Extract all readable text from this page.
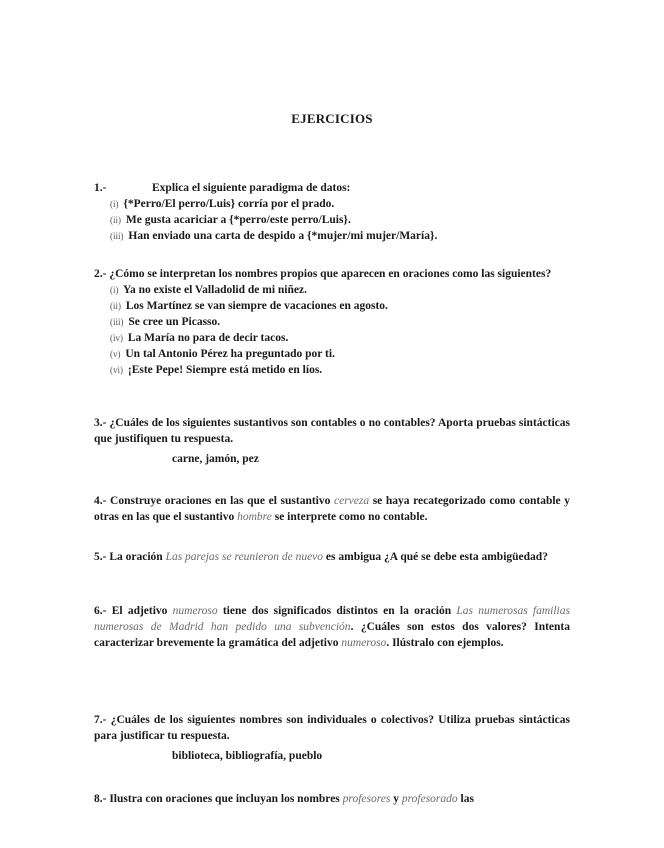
EJERCICIOS
1.-	Explica el siguiente paradigma de datos:
(i) {*Perro/El perro/Luis} corría por el prado.
(ii) Me gusta acariciar a {*perro/este perro/Luis}.
(iii) Han enviado una carta de despido a {*mujer/mi mujer/María}.
2.- ¿Cómo se interpretan los nombres propios que aparecen en oraciones como las siguientes?
(i) Ya no existe el Valladolid de mi niñez.
(ii) Los Martínez se van siempre de vacaciones en agosto.
(iii) Se cree un Picasso.
(iv) La María no para de decir tacos.
(v) Un tal Antonio Pérez ha preguntado por ti.
(vi) ¡Este Pepe! Siempre está metido en líos.
3.- ¿Cuáles de los siguientes sustantivos son contables o no contables? Aporta pruebas sintácticas que justifiquen tu respuesta.
carne, jamón, pez
4.- Construye oraciones en las que el sustantivo cerveza se haya recategorizado como contable y otras en las que el sustantivo hombre se interprete como no contable.
5.- La oración Las parejas se reunieron de nuevo es ambigua ¿A qué se debe esta ambigüedad?
6.- El adjetivo numeroso tiene dos significados distintos en la oración Las numerosas familias numerosas de Madrid han pedido una subvención. ¿Cuáles son estos dos valores? Intenta caracterizar brevemente la gramática del adjetivo numeroso. Ilústralo con ejemplos.
7.- ¿Cuáles de los siguientes nombres son individuales o colectivos? Utiliza pruebas sintácticas para justificar tu respuesta.
biblioteca, bibliografía, pueblo
8.- Ilustra con oraciones que incluyan los nombres profesores y profesorado las
